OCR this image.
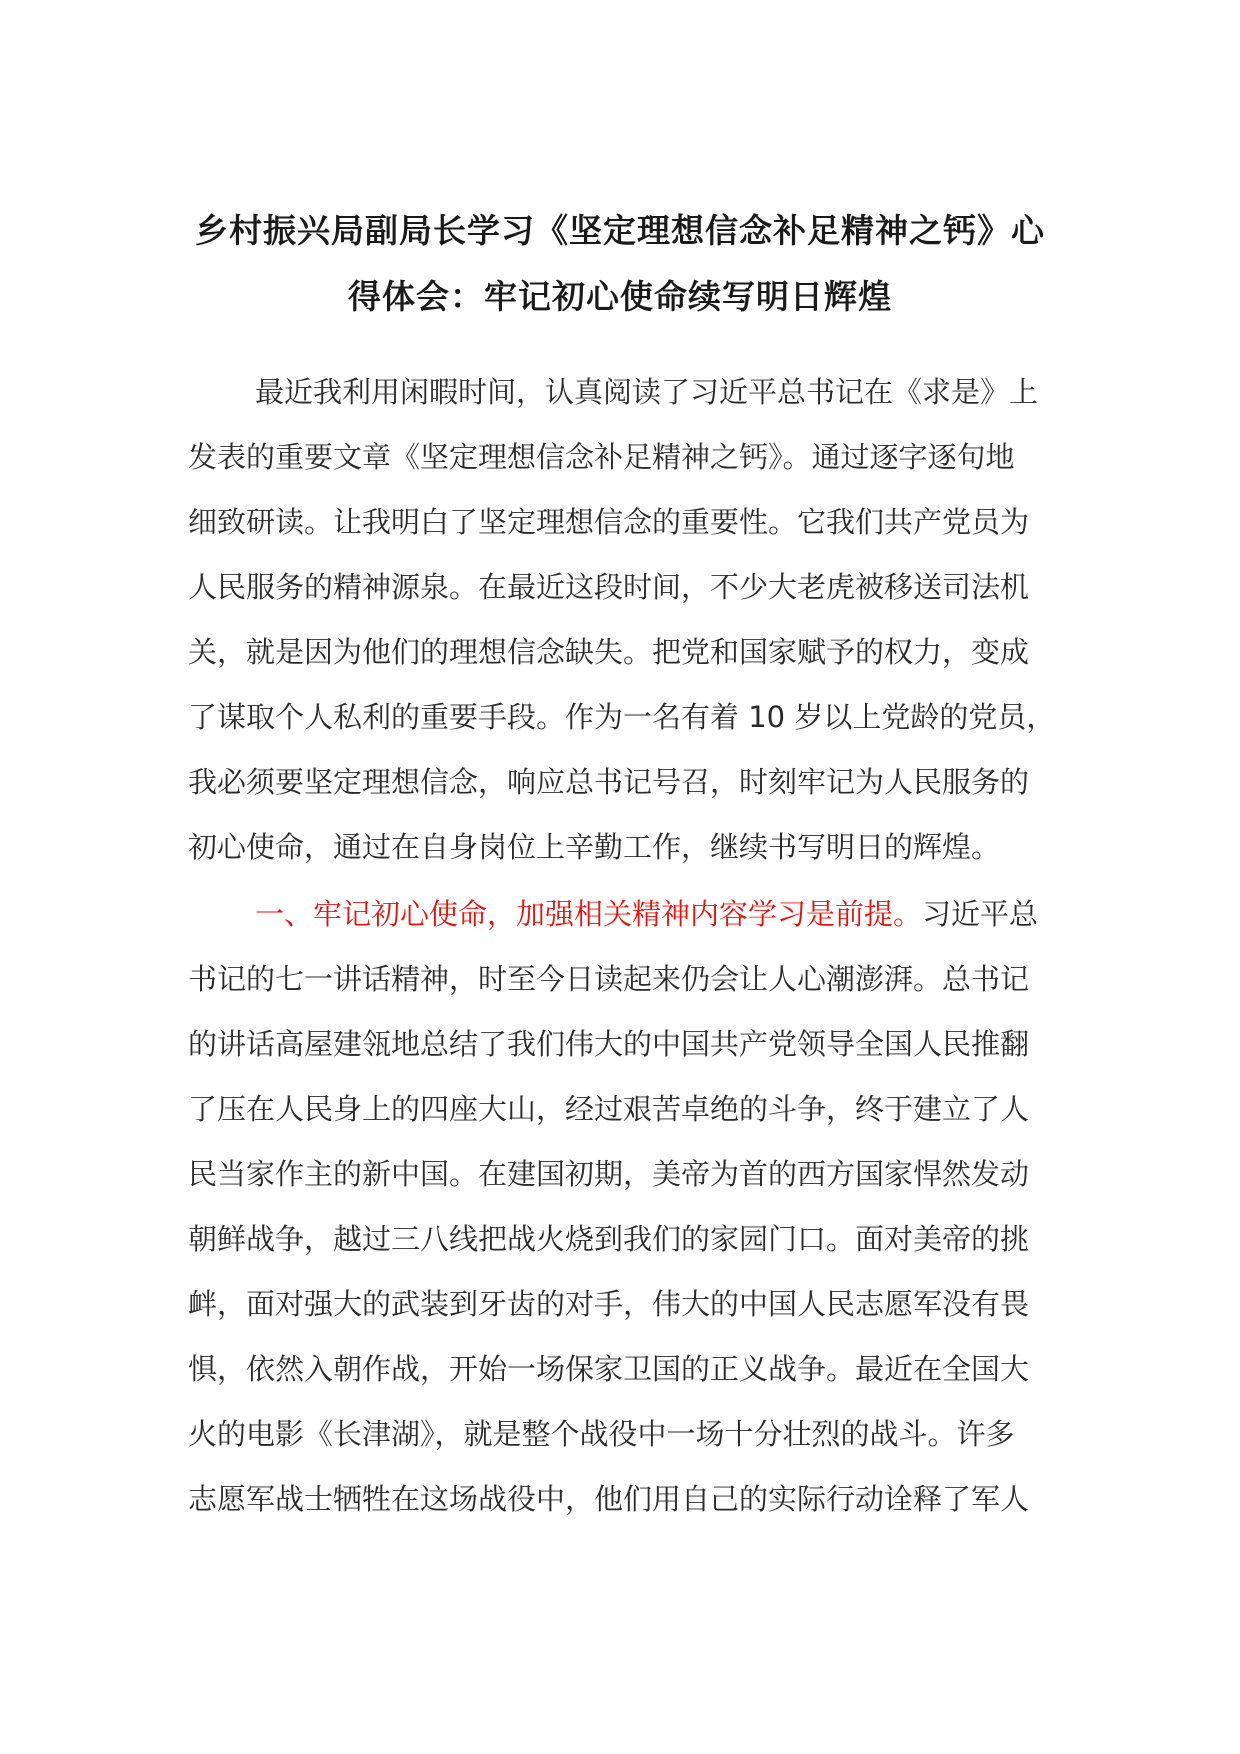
乡村振兴局副局长学习《坚定理想信念补足精神之钙》心
得体会：牢记初心使命续写明日辉煌
最近我利用闲暇时间，认真阅读了习近平总书记在《求是》上
发表的重要文章《坚定理想信念补足精神之钙》。通过逐字逐句地
细致研读。让我明白了坚定理想信念的重要性。它我们共产党员为
人民服务的精神源泉。在最近这段时间，不少大老虎被移送司法机
关，就是因为他们的理想信念缺失。把党和国家赋予的权力，变成
了谋取个人私利的重要手段。作为一名有着 10 岁以上党龄的党员，
我必须要坚定理想信念，响应总书记号召，时刻牢记为人民服务的
初心使命，通过在自身岗位上辛勤工作，继续书写明日的辉煌。
一、牢记初心使命，加强相关精神内容学习是前提。习近平总
书记的七一讲话精神，时至今日读起来仍会让人心潮澎湃。总书记
的讲话高屋建瓴地总结了我们伟大的中国共产党领导全国人民推翻
了压在人民身上的四座大山，经过艰苦卓绝的斗争，终于建立了人
民当家作主的新中国。在建国初期，美帝为首的西方国家悍然发动
朝鲜战争，越过三八线把战火烧到我们的家园门口。面对美帝的挑
衅，面对强大的武装到牙齿的对手，伟大的中国人民志愿军没有畏
惧，依然入朝作战，开始一场保家卫国的正义战争。最近在全国大
火的电影《长津湖》，就是整个战役中一场十分壮烈的战斗。许多
志愿军战士牺牲在这场战役中，他们用自己的实际行动诠释了军人
